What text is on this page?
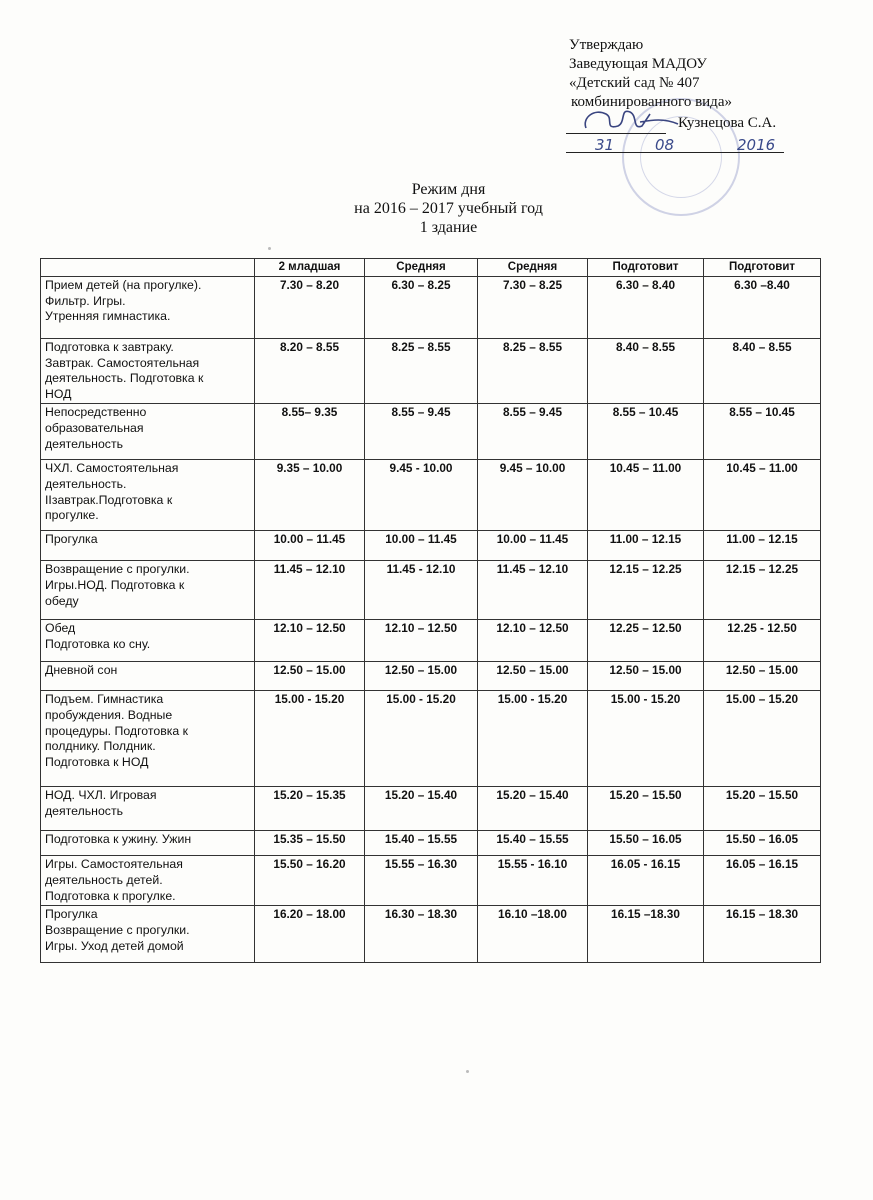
Утверждаю
Заведующая МАДОУ
«Детский сад № 407
комбинированного вида»
Кузнецова С.А.
31	08	2016
Режим дня
на 2016 – 2017 учебный год
1 здание
	2 младшая	Средняя	Средняя	Подготовит	Подготовит

Прием детей (на прогулке).
Фильтр. Игры.
Утренняя гимнастика.	7.30 – 8.20	6.30 – 8.25	7.30 – 8.25	6.30 – 8.40	6.30 –8.40

Подготовка к завтраку.
Завтрак. Самостоятельная
деятельность. Подготовка к
НОД	8.20 – 8.55	8.25 – 8.55	8.25 – 8.55	8.40 – 8.55	8.40 – 8.55

Непосредственно
образовательная
деятельность	8.55– 9.35	8.55 – 9.45	8.55 – 9.45	8.55 – 10.45	8.55 – 10.45

ЧХЛ. Самостоятельная
деятельность.
IIзавтрак.Подготовка к
прогулке.	9.35 – 10.00	9.45 - 10.00	9.45 – 10.00	10.45 – 11.00	10.45 – 11.00

Прогулка	10.00 – 11.45	10.00 – 11.45	10.00 – 11.45	11.00 – 12.15	11.00 – 12.15

Возвращение с прогулки.
Игры.НОД. Подготовка к
обеду	11.45 – 12.10	11.45 - 12.10	11.45 – 12.10	12.15 – 12.25	12.15 – 12.25

Обед
Подготовка ко сну.	12.10 – 12.50	12.10 – 12.50	12.10 – 12.50	12.25 – 12.50	12.25 - 12.50

Дневной сон	12.50 – 15.00	12.50 – 15.00	12.50 – 15.00	12.50 – 15.00	12.50 – 15.00

Подъем. Гимнастика
пробуждения. Водные
процедуры. Подготовка к
полднику. Полдник.
Подготовка к НОД	15.00 - 15.20	15.00 - 15.20	15.00 - 15.20	15.00 - 15.20	15.00 – 15.20

НОД. ЧХЛ. Игровая
деятельность	15.20 – 15.35	15.20 – 15.40	15.20 – 15.40	15.20 – 15.50	15.20 – 15.50

Подготовка к ужину. Ужин	15.35 – 15.50	15.40 – 15.55	15.40 – 15.55	15.50 – 16.05	15.50 – 16.05

Игры. Самостоятельная
деятельность детей.
Подготовка к прогулке.	15.50 – 16.20	15.55 – 16.30	15.55 - 16.10	16.05 - 16.15	16.05 – 16.15

Прогулка
Возвращение с прогулки.
Игры. Уход детей домой	16.20 – 18.00	16.30 – 18.30	16.10 –18.00	16.15 –18.30	16.15 – 18.30
